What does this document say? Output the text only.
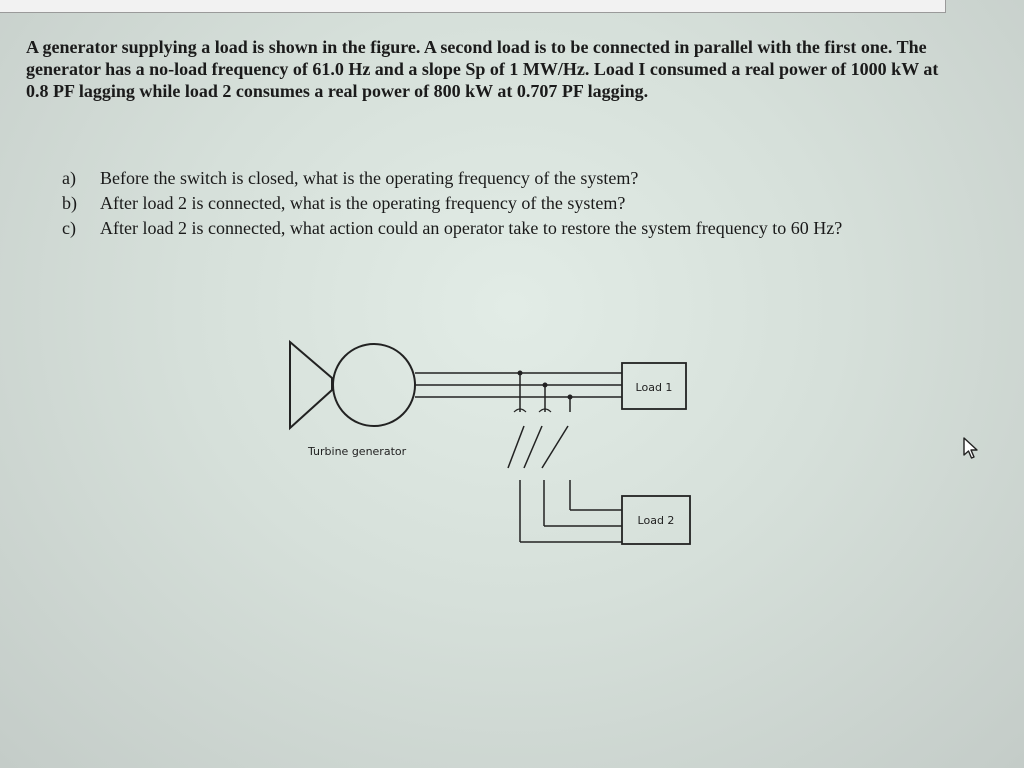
A generator supplying a load is shown in the figure. A second load is to be connected in parallel with the first one. The generator has a no-load frequency of 61.0 Hz and a slope Sp of 1 MW/Hz. Load I consumed a real power of 1000 kW at 0.8 PF lagging while load 2 consumes a real power of 800 kW at 0.707 PF lagging.
a)	Before the switch is closed, what is the operating frequency of the system?
b)	After load 2 is connected, what is the operating frequency of the system?
c)	After load 2 is connected, what action could an operator take to restore the system frequency to 60 Hz?
Load 1
Load 2
Turbine generator
